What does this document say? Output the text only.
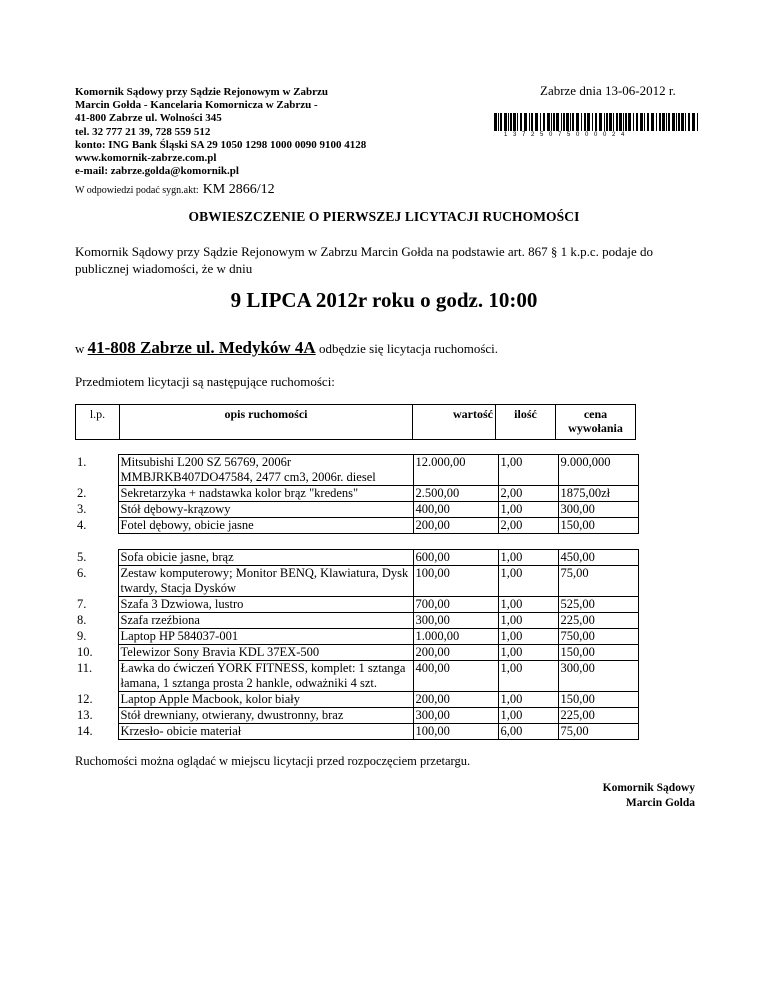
Komornik Sądowy przy Sądzie Rejonowym w Zabrzu
Marcin Gołda - Kancelaria Komornicza w Zabrzu -
41-800 Zabrze ul. Wolności 345
tel. 32 777 21 39, 728 559 512
konto: ING Bank Śląski SA 29 1050 1298 1000 0090 9100 4128
www.komornik-zabrze.com.pl
e-mail: zabrze.golda@komornik.pl
W odpowiedzi podać sygn.akt: KM 2866/12
Zabrze dnia 13-06-2012 r.
1 3 7 2 5 0 7 5 0 0 0 0 2 4
OBWIESZCZENIE O PIERWSZEJ LICYTACJI RUCHOMOŚCI
Komornik Sądowy przy Sądzie Rejonowym w Zabrzu Marcin Gołda na podstawie art. 867 § 1 k.p.c. podaje do publicznej wiadomości, że w dniu
9 LIPCA 2012r roku o godz. 10:00
w 41-808 Zabrze ul. Medyków 4A odbędzie się licytacja ruchomości.
Przedmiotem licytacji są następujące ruchomości:
l.p.	opis ruchomości	wartość	ilość	cena wywołania
1.	Mitsubishi L200 SZ 56769, 2006r MMBJRKB407DO47584, 2477 cm3, 2006r. diesel	12.000,00	1,00	9.000,000
2.	Sekretarzyka + nadstawka kolor brąz "kredens"	2.500,00	2,00	1875,00zł
3.	Stół dębowy-krązowy	400,00	1,00	300,00
4.	Fotel dębowy, obicie jasne	200,00	2,00	150,00

5.	Sofa obicie jasne, brąz	600,00	1,00	450,00
6.	Zestaw komputerowy; Monitor BENQ, Klawiatura, Dysk twardy, Stacja Dysków	100,00	1,00	75,00
7.	Szafa 3 Dzwiowa, lustro	700,00	1,00	525,00
8.	Szafa rzeźbiona	300,00	1,00	225,00
9.	Laptop HP 584037-001	1.000,00	1,00	750,00
10.	Telewizor Sony Bravia KDL 37EX-500	200,00	1,00	150,00
11.	Ławka do ćwiczeń YORK FITNESS, komplet: 1 sztanga łamana, 1 sztanga prosta 2 hankle, odważniki 4 szt.	400,00	1,00	300,00
12.	Laptop Apple Macbook, kolor biały	200,00	1,00	150,00
13.	Stół drewniany, otwierany, dwustronny, braz	300,00	1,00	225,00
14.	Krzesło- obicie materiał	100,00	6,00	75,00
Ruchomości można oglądać w miejscu licytacji przed rozpoczęciem przetargu.
Komornik Sądowy
Marcin Golda
